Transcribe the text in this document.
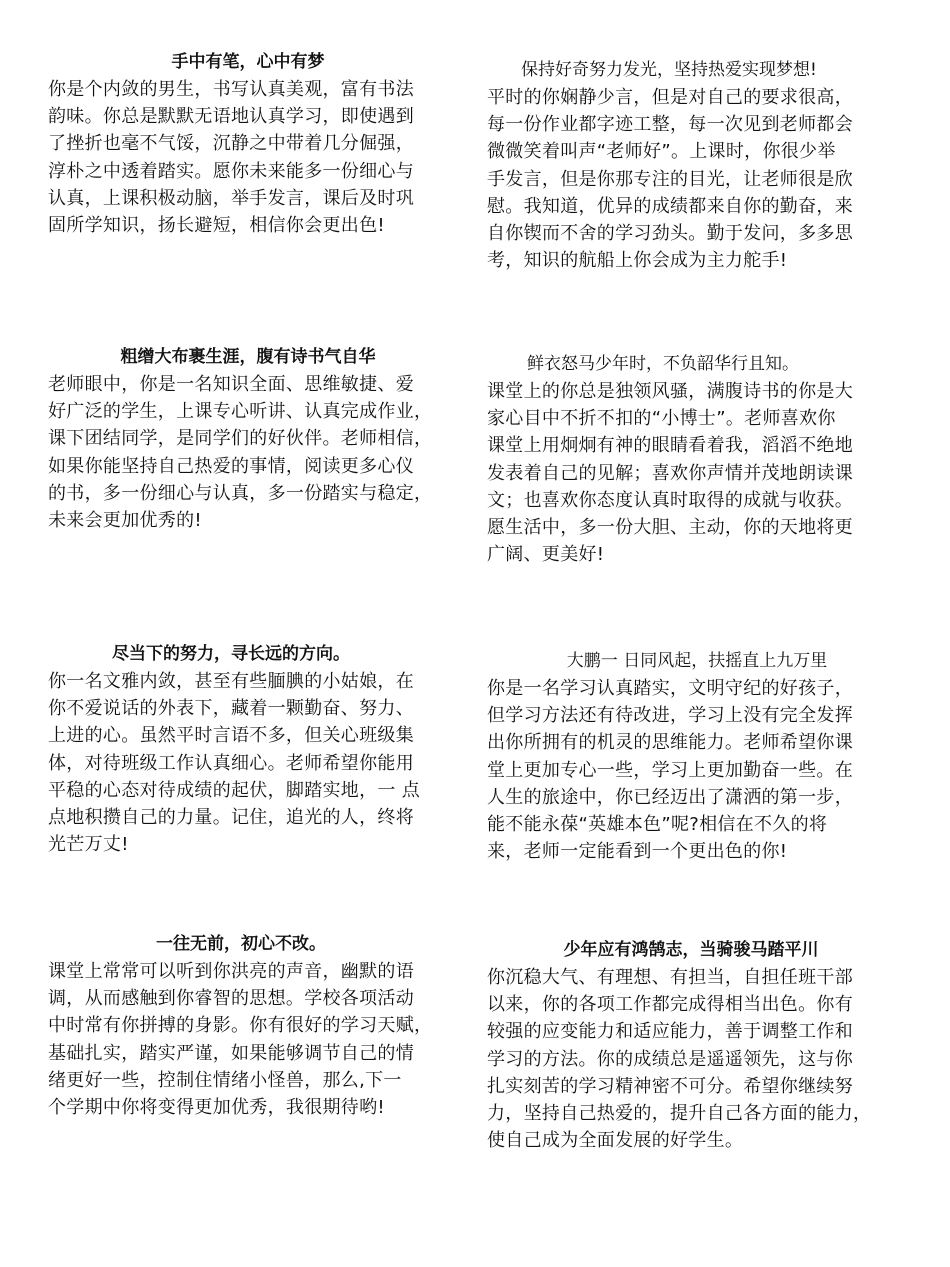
手中有笔，心中有梦
你是个内敛的男生，书写认真美观，富有书法
韵味。你总是默默无语地认真学习，即使遇到
了挫折也毫不气馁，沉静之中带着几分倔强，
淳朴之中透着踏实。愿你未来能多一份细心与
认真，上课积极动脑，举手发言，课后及时巩
固所学知识，扬长避短，相信你会更出色!
粗缯大布裹生涯，腹有诗书气自华
老师眼中，你是一名知识全面、思维敏捷、爱
好广泛的学生，上课专心听讲、认真完成作业，
课下团结同学，是同学们的好伙伴。老师相信，
如果你能坚持自己热爱的事情，阅读更多心仪
的书，多一份细心与认真，多一份踏实与稳定，
未来会更加优秀的!
尽当下的努力，寻长远的方向。
你一名文雅内敛，甚至有些腼腆的小姑娘，在
你不爱说话的外表下，藏着一颗勤奋、努力、
上进的心。虽然平时言语不多，但关心班级集
体，对待班级工作认真细心。老师希望你能用
平稳的心态对待成绩的起伏，脚踏实地，一 点
点地积攒自己的力量。记住，追光的人，终将
光芒万丈!
一往无前，初心不改。
课堂上常常可以听到你洪亮的声音，幽默的语
调，从而感触到你睿智的思想。学校各项活动
中时常有你拼搏的身影。你有很好的学习天赋，
基础扎实，踏实严谨，如果能够调节自己的情
绪更好一些，控制住情绪小怪兽，那么,下一
个学期中你将变得更加优秀，我很期待哟!
保持好奇努力发光，坚持热爱实现梦想!
平时的你娴静少言，但是对自己的要求很高，
每一份作业都字迹工整，每一次见到老师都会
微微笑着叫声“老师好”。上课时，你很少举
手发言，但是你那专注的目光，让老师很是欣
慰。我知道，优异的成绩都来自你的勤奋，来
自你锲而不舍的学习劲头。勤于发问，多多思
考，知识的航船上你会成为主力舵手!
鲜衣怒马少年时，不负韶华行且知。
课堂上的你总是独领风骚，满腹诗书的你是大
家心目中不折不扣的“小博士”。老师喜欢你
课堂上用炯炯有神的眼睛看着我，滔滔不绝地
发表着自己的见解；喜欢你声情并茂地朗读课
文；也喜欢你态度认真时取得的成就与收获。
愿生活中，多一份大胆、主动，你的天地将更
广阔、更美好!
大鹏一 日同风起，扶摇直上九万里
你是一名学习认真踏实，文明守纪的好孩子，
但学习方法还有待改进，学习上没有完全发挥
出你所拥有的机灵的思维能力。老师希望你课
堂上更加专心一些，学习上更加勤奋一些。在
人生的旅途中，你已经迈出了潇洒的第一步，
能不能永葆“英雄本色”呢?相信在不久的将
来，老师一定能看到一个更出色的你!
少年应有鸿鹄志，当骑骏马踏平川
你沉稳大气、有理想、有担当，自担任班干部
以来，你的各项工作都完成得相当出色。你有
较强的应变能力和适应能力，善于调整工作和
学习的方法。你的成绩总是遥遥领先，这与你
扎实刻苦的学习精神密不可分。希望你继续努
力，坚持自己热爱的，提升自己各方面的能力，
使自己成为全面发展的好学生。
